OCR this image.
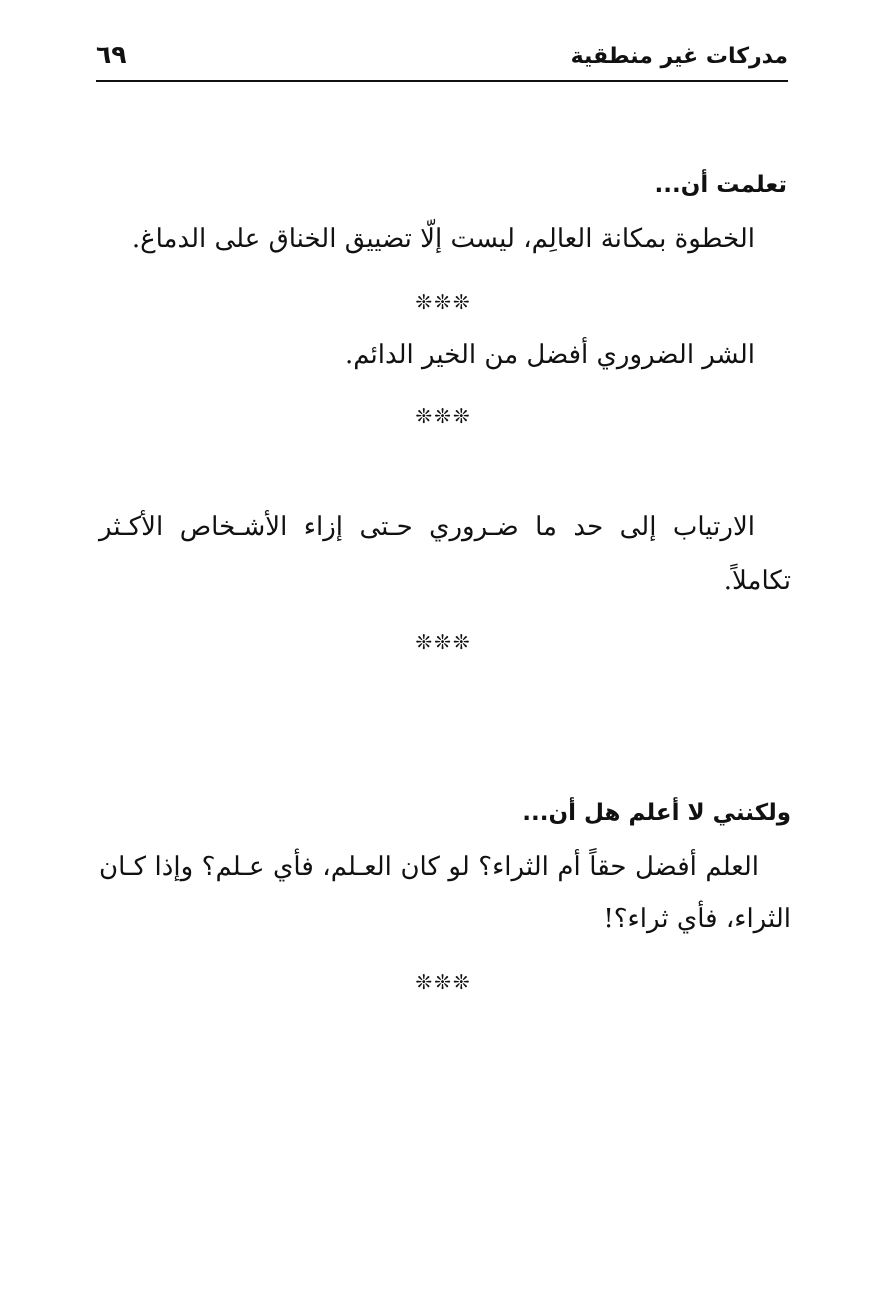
مدركات غير منطقية
٦٩
تعلمت أن...
الخطوة بمكانة العالِم، ليست إلّا تضييق الخناق على الدماغ.
❊❊❊
الشر الضروري أفضل من الخير الدائم.
❊❊❊
الارتياب إلى حد ما ضـروري حـتى إزاء الأشـخاص الأكـثر
تكاملاً.
❊❊❊
ولكنني لا أعلم هل أن...
العلم أفضل حقاً أم الثراء؟ لو كان العـلم، فأي عـلم؟ وإذا كـان
الثراء، فأي ثراء؟!
❊❊❊
